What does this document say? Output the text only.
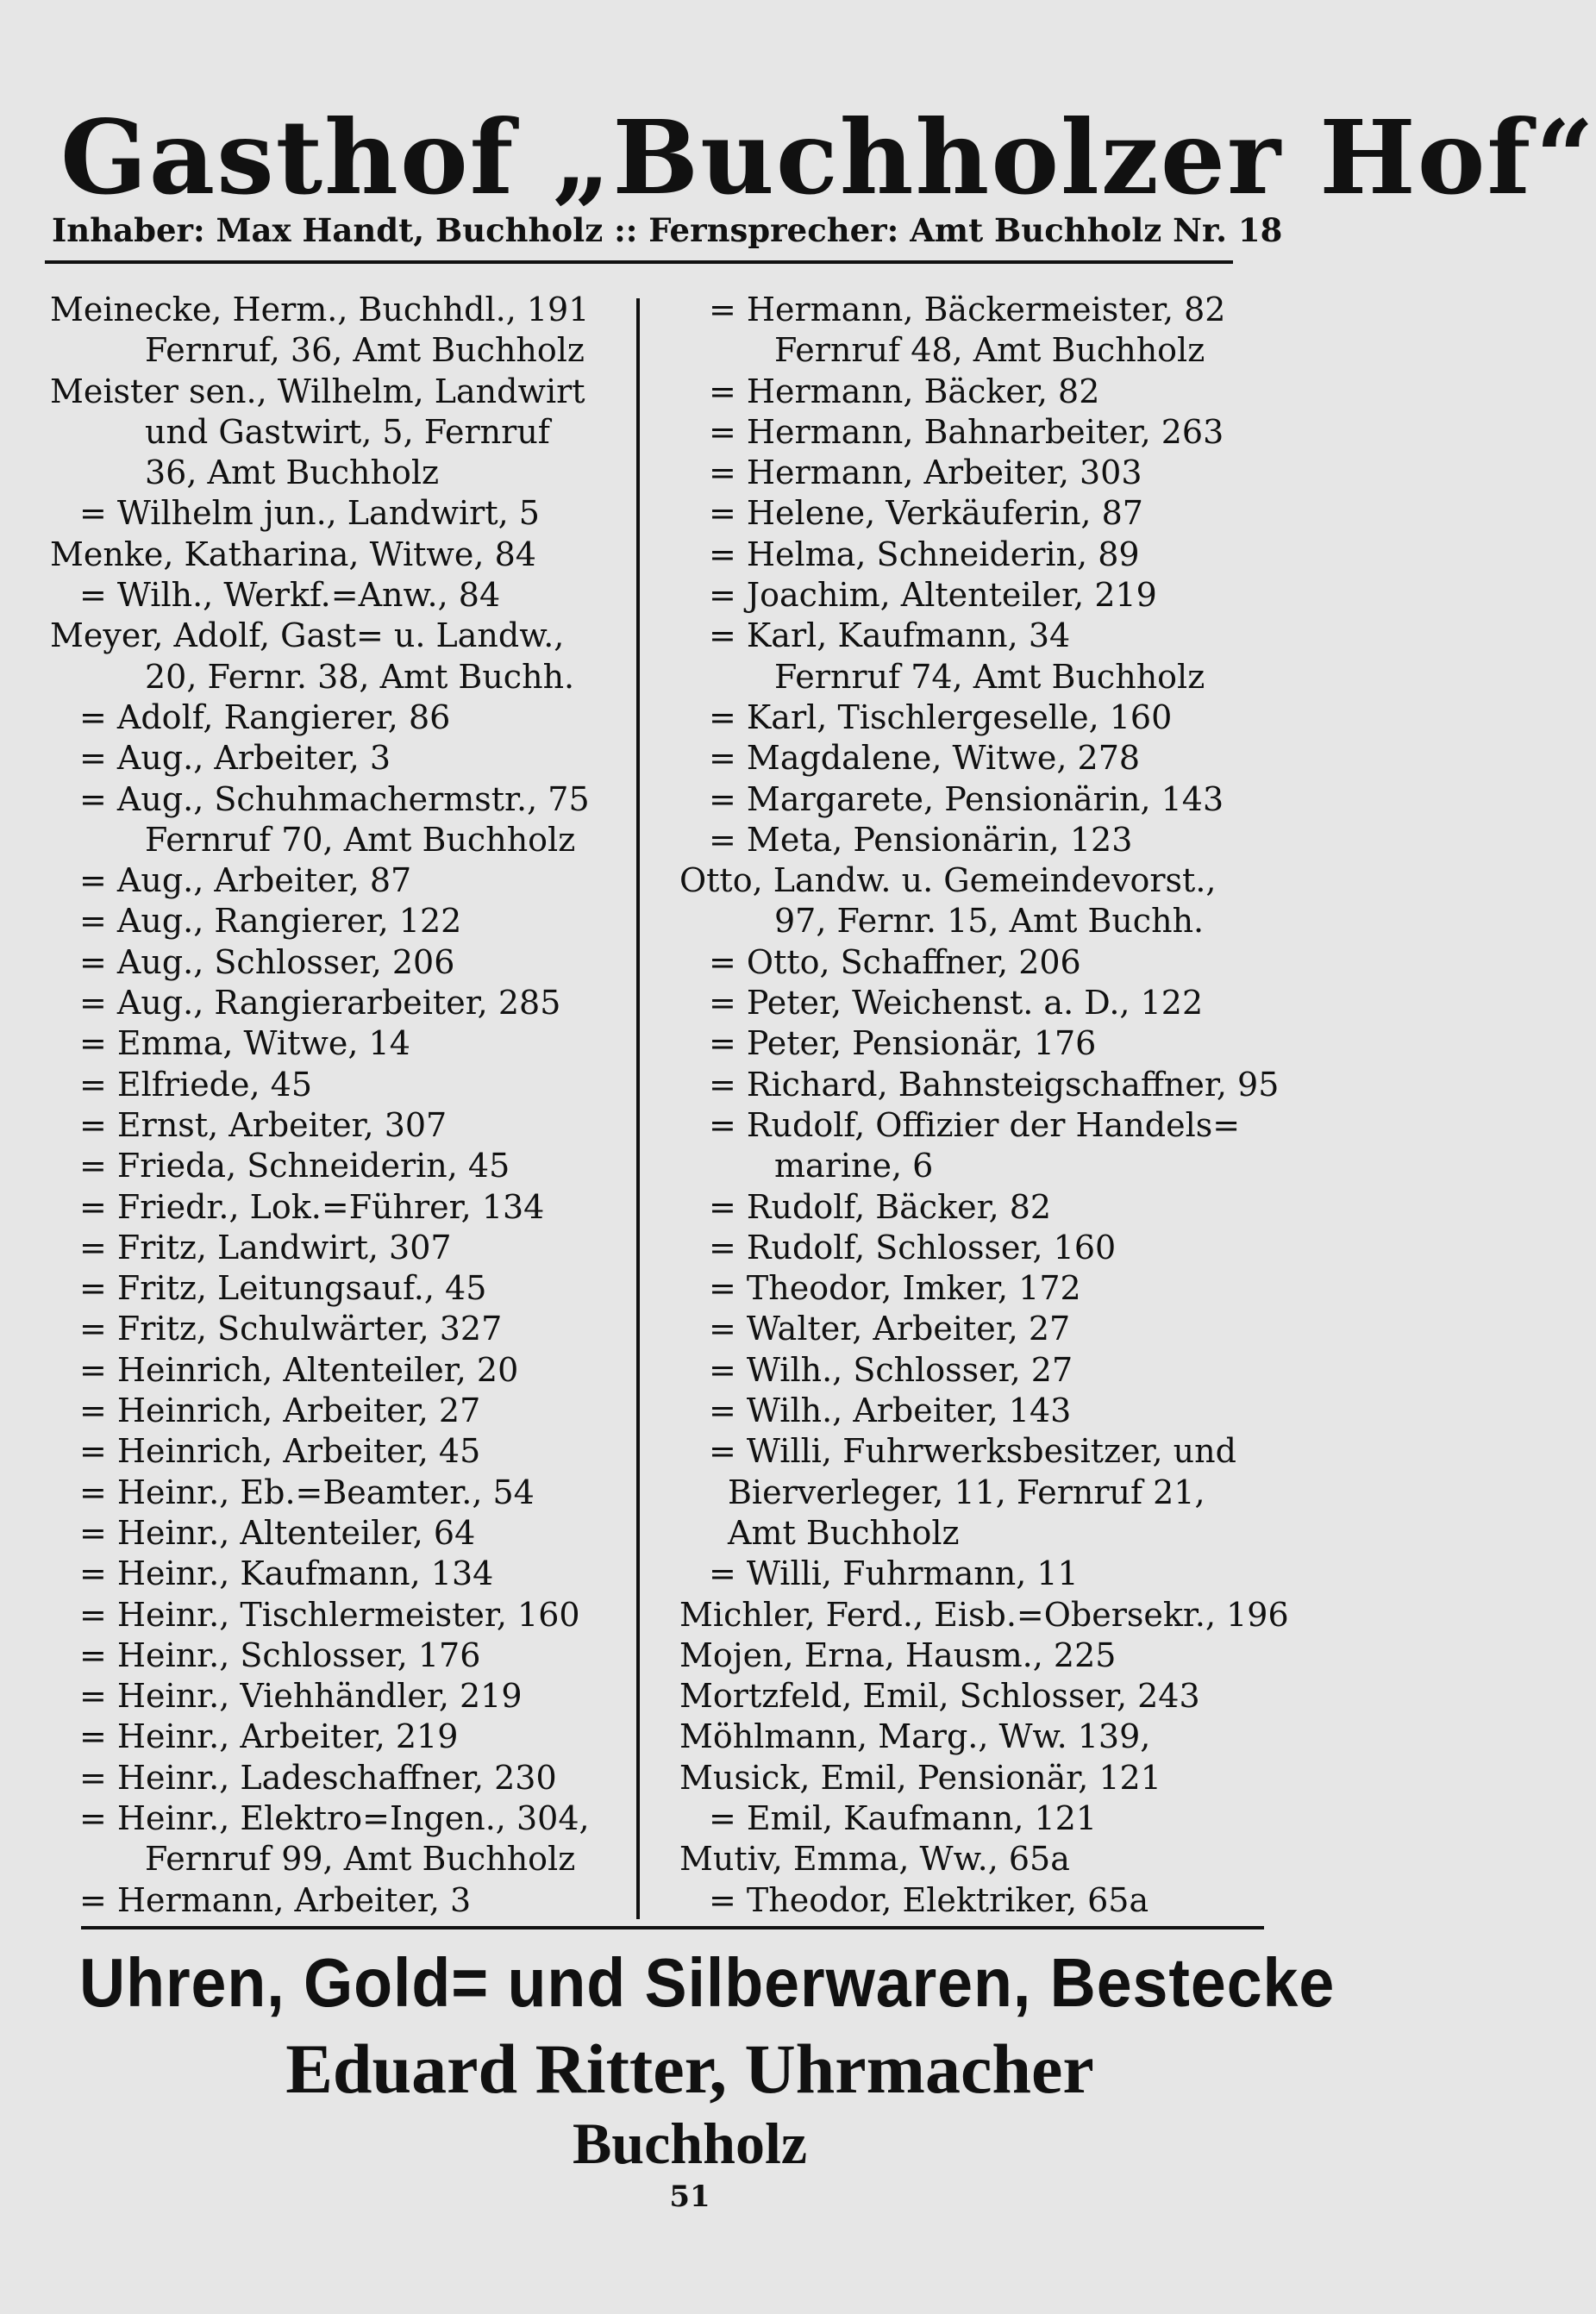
Gasthof „Buchholzer Hof“
Inhaber: Max Handt, Buchholz :: Fernsprecher: Amt Buchholz Nr. 18
Meinecke, Herm., Buchhdl., 191
Fernruf, 36, Amt Buchholz
Meister sen., Wilhelm, Landwirt
und Gastwirt, 5, Fernruf
36, Amt Buchholz
= Wilhelm jun., Landwirt, 5
Menke, Katharina, Witwe, 84
= Wilh., Werkf.=Anw., 84
Meyer, Adolf, Gast= u. Landw.,
20, Fernr. 38, Amt Buchh.
= Adolf, Rangierer, 86
= Aug., Arbeiter, 3
= Aug., Schuhmachermstr., 75
Fernruf 70, Amt Buchholz
= Aug., Arbeiter, 87
= Aug., Rangierer, 122
= Aug., Schlosser, 206
= Aug., Rangierarbeiter, 285
= Emma, Witwe, 14
= Elfriede, 45
= Ernst, Arbeiter, 307
= Frieda, Schneiderin, 45
= Friedr., Lok.=Führer, 134
= Fritz, Landwirt, 307
= Fritz, Leitungsauf., 45
= Fritz, Schulwärter, 327
= Heinrich, Altenteiler, 20
= Heinrich, Arbeiter, 27
= Heinrich, Arbeiter, 45
= Heinr., Eb.=Beamter., 54
= Heinr., Altenteiler, 64
= Heinr., Kaufmann, 134
= Heinr., Tischlermeister, 160
= Heinr., Schlosser, 176
= Heinr., Viehhändler, 219
= Heinr., Arbeiter, 219
= Heinr., Ladeschaffner, 230
= Heinr., Elektro=Ingen., 304,
Fernruf 99, Amt Buchholz
= Hermann, Arbeiter, 3
= Hermann, Bäckermeister, 82
Fernruf 48, Amt Buchholz
= Hermann, Bäcker, 82
= Hermann, Bahnarbeiter, 263
= Hermann, Arbeiter, 303
= Helene, Verkäuferin, 87
= Helma, Schneiderin, 89
= Joachim, Altenteiler, 219
= Karl, Kaufmann, 34
Fernruf 74, Amt Buchholz
= Karl, Tischlergeselle, 160
= Magdalene, Witwe, 278
= Margarete, Pensionärin, 143
= Meta, Pensionärin, 123
Otto, Landw. u. Gemeindevorst.,
97, Fernr. 15, Amt Buchh.
= Otto, Schaffner, 206
= Peter, Weichenst. a. D., 122
= Peter, Pensionär, 176
= Richard, Bahnsteigschaffner, 95
= Rudolf, Offizier der Handels=
marine, 6
= Rudolf, Bäcker, 82
= Rudolf, Schlosser, 160
= Theodor, Imker, 172
= Walter, Arbeiter, 27
= Wilh., Schlosser, 27
= Wilh., Arbeiter, 143
= Willi, Fuhrwerksbesitzer, und
Bierverleger, 11, Fernruf 21,
Amt Buchholz
= Willi, Fuhrmann, 11
Michler, Ferd., Eisb.=Obersekr., 196
Mojen, Erna, Hausm., 225
Mortzfeld, Emil, Schlosser, 243
Möhlmann, Marg., Ww. 139,
Musick, Emil, Pensionär, 121
= Emil, Kaufmann, 121
Mutiv, Emma, Ww., 65a
= Theodor, Elektriker, 65a
Uhren, Gold= und Silberwaren, Bestecke
Eduard Ritter, Uhrmacher
Buchholz
51
